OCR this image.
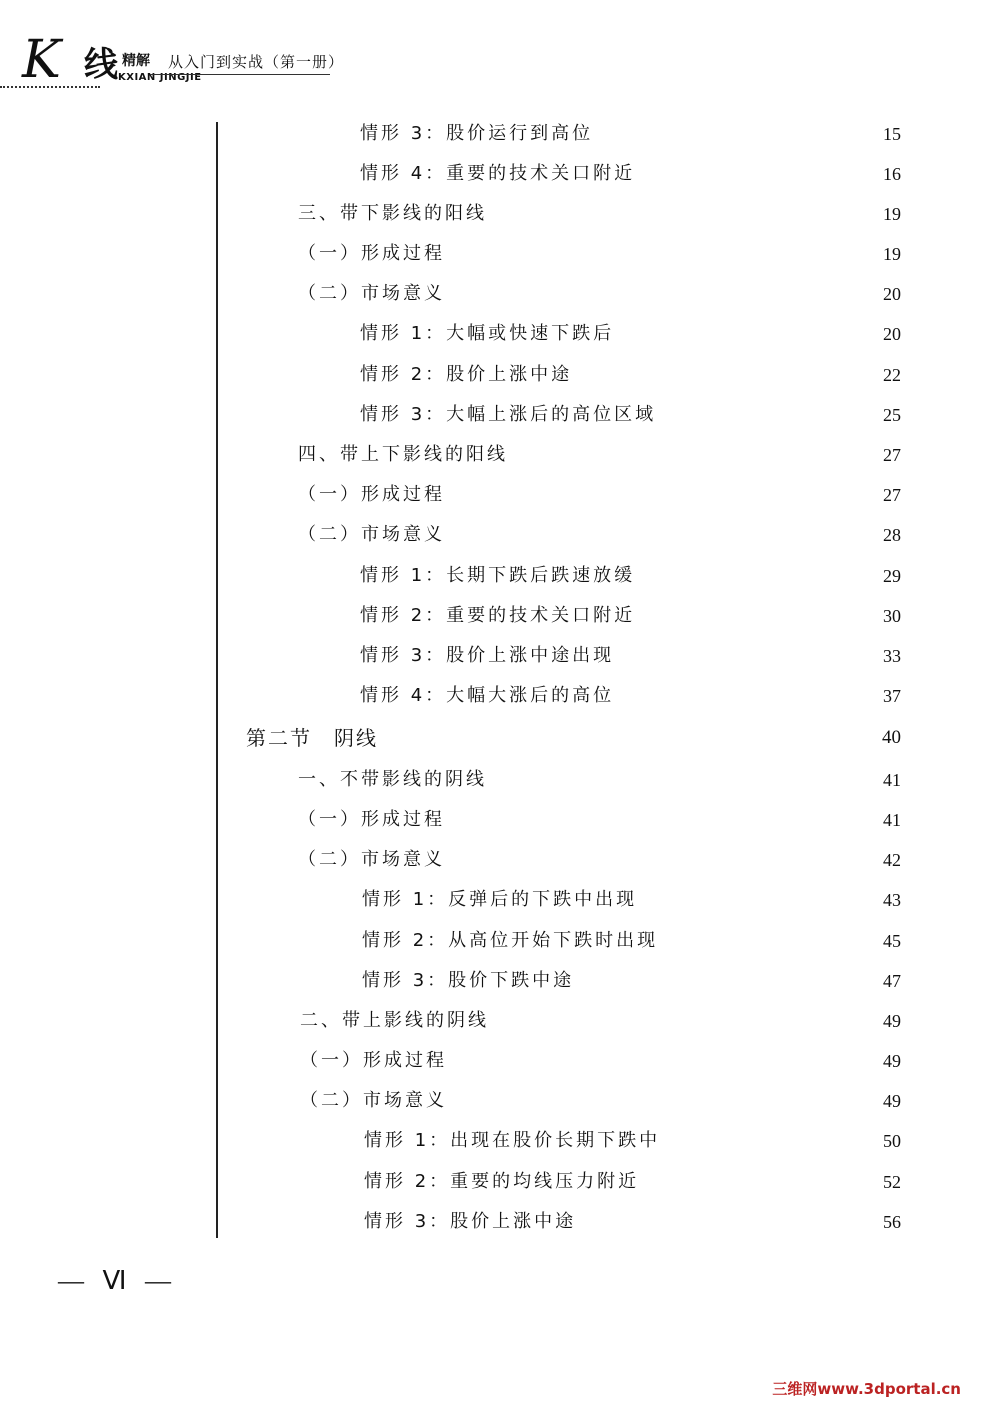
K 线 精解 从入门到实战（第一册）
KXIAN JINGJIE
情形 3：股价运行到高位	15
情形 4：重要的技术关口附近	16
三、带下影线的阳线	19
（一）形成过程	19
（二）市场意义	20
情形 1：大幅或快速下跌后	20
情形 2：股价上涨中途	22
情形 3：大幅上涨后的高位区域	25
四、带上下影线的阳线	27
（一）形成过程	27
（二）市场意义	28
情形 1：长期下跌后跌速放缓	29
情形 2：重要的技术关口附近	30
情形 3：股价上涨中途出现	33
情形 4：大幅大涨后的高位	37
第二节　阴线	40
一、不带影线的阴线	41
（一）形成过程	41
（二）市场意义	42
情形 1：反弹后的下跌中出现	43
情形 2：从高位开始下跌时出现	45
情形 3：股价下跌中途	47
二、带上影线的阴线	49
（一）形成过程	49
（二）市场意义	49
情形 1：出现在股价长期下跌中	50
情形 2：重要的均线压力附近	52
情形 3：股价上涨中途	56
— Ⅵ —
三维网www.3dportal.cn
